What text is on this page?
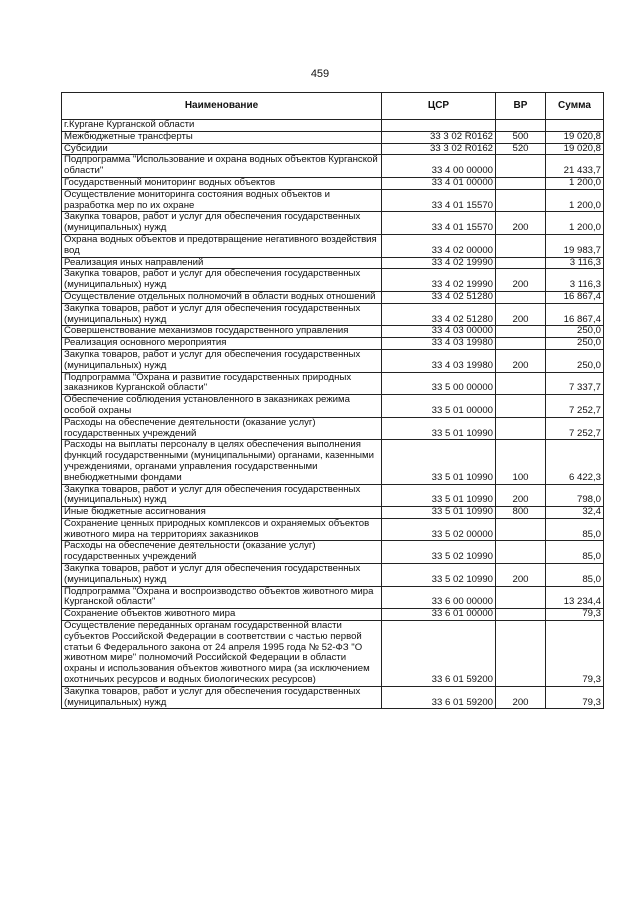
459
Наименование	ЦСР	ВР	Сумма
г.Кургане Курганской области			
Межбюджетные трансферты	33 3 02 R0162	500	19 020,8
Субсидии	33 3 02 R0162	520	19 020,8
Подпрограмма "Использование и охрана водных объектов Курганской области"	33 4 00 00000		21 433,7
Государственный мониторинг водных объектов	33 4 01 00000		1 200,0
Осуществление мониторинга состояния водных объектов и разработка мер по их охране	33 4 01 15570		1 200,0
Закупка товаров, работ и услуг для обеспечения государственных (муниципальных) нужд	33 4 01 15570	200	1 200,0
Охрана водных объектов и предотвращение негативного воздействия вод	33 4 02 00000		19 983,7
Реализация иных направлений	33 4 02 19990		3 116,3
Закупка товаров, работ и услуг для обеспечения государственных (муниципальных) нужд	33 4 02 19990	200	3 116,3
Осуществление отдельных полномочий в области водных отношений	33 4 02 51280		16 867,4
Закупка товаров, работ и услуг для обеспечения государственных (муниципальных) нужд	33 4 02 51280	200	16 867,4
Совершенствование механизмов государственного управления	33 4 03 00000		250,0
Реализация основного мероприятия	33 4 03 19980		250,0
Закупка товаров, работ и услуг для обеспечения государственных (муниципальных) нужд	33 4 03 19980	200	250,0
Подпрограмма "Охрана и развитие государственных природных заказников Курганской области"	33 5 00 00000		7 337,7
Обеспечение соблюдения установленного в заказниках режима особой охраны	33 5 01 00000		7 252,7
Расходы на обеспечение деятельности (оказание услуг) государственных учреждений	33 5 01 10990		7 252,7
Расходы на выплаты персоналу в целях обеспечения выполнения функций государственными (муниципальными) органами, казенными учреждениями, органами управления государственными внебюджетными фондами	33 5 01 10990	100	6 422,3
Закупка товаров, работ и услуг для обеспечения государственных (муниципальных) нужд	33 5 01 10990	200	798,0
Иные бюджетные ассигнования	33 5 01 10990	800	32,4
Сохранение ценных природных комплексов и охраняемых объектов животного мира на территориях заказников	33 5 02 00000		85,0
Расходы на обеспечение деятельности (оказание услуг) государственных учреждений	33 5 02 10990		85,0
Закупка товаров, работ и услуг для обеспечения государственных (муниципальных) нужд	33 5 02 10990	200	85,0
Подпрограмма "Охрана и воспроизводство объектов животного мира Курганской области"	33 6 00 00000		13 234,4
Сохранение объектов животного мира	33 6 01 00000		79,3
Осуществление переданных органам государственной власти субъектов Российской Федерации в соответствии с частью первой статьи 6 Федерального закона от 24 апреля 1995 года № 52-ФЗ "О животном мире" полномочий Российской Федерации в области охраны и использования объектов животного мира (за исключением охотничьих ресурсов и водных биологических ресурсов)	33 6 01 59200		79,3
Закупка товаров, работ и услуг для обеспечения государственных (муниципальных) нужд	33 6 01 59200	200	79,3
